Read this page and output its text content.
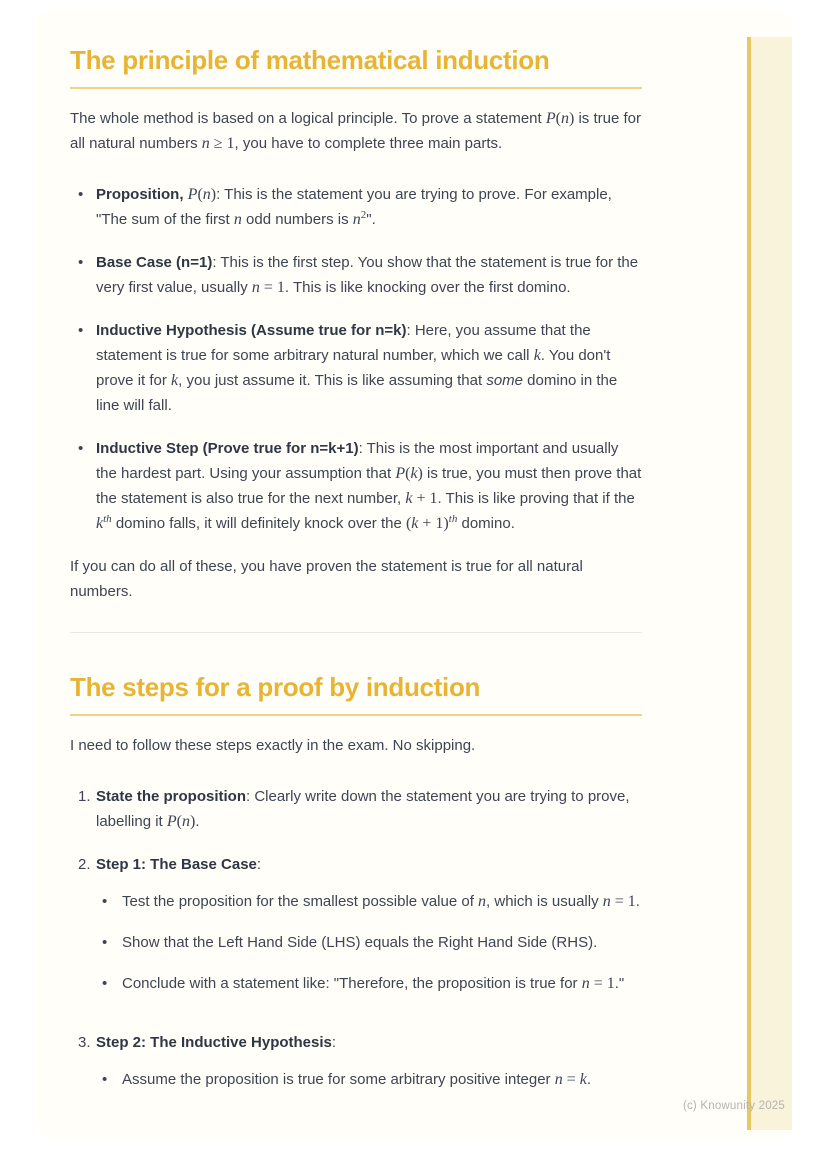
The principle of mathematical induction

The whole method is based on a logical principle. To prove a statement P(n) is true for all natural numbers n ≥ 1, you have to complete three main parts.

• Proposition, P(n): This is the statement you are trying to prove. For example, "The sum of the first n odd numbers is $n^2$".
• Base Case (n=1): This is the first step. You show that the statement is true for the very first value, usually n = 1. This is like knocking over the first domino.
• Inductive Hypothesis (Assume true for n=k): Here, you assume that the statement is true for some arbitrary natural number, which we call k. You don't prove it for k, you just assume it. This is like assuming that some domino in the line will fall.
• Inductive Step (Prove true for n=k+1): This is the most important and usually the hardest part. Using your assumption that P(k) is true, you must then prove that the statement is also true for the next number, k + 1. This is like proving that if the $k^{th}$ domino falls, it will definitely knock over the $(k + 1)^{th}$ domino.

If you can do all of these, you have proven the statement is true for all natural numbers.

The steps for a proof by induction

I need to follow these steps exactly in the exam. No skipping.

1. State the proposition: Clearly write down the statement you are trying to prove, labelling it P(n).
2. Step 1: The Base Case:
• Test the proposition for the smallest possible value of n, which is usually n = 1.
• Show that the Left Hand Side (LHS) equals the Right Hand Side (RHS).
• Conclude with a statement like: "Therefore, the proposition is true for n = 1."
3. Step 2: The Inductive Hypothesis:
• Assume the proposition is true for some arbitrary positive integer n = k.
(c) Knowunity 2025
